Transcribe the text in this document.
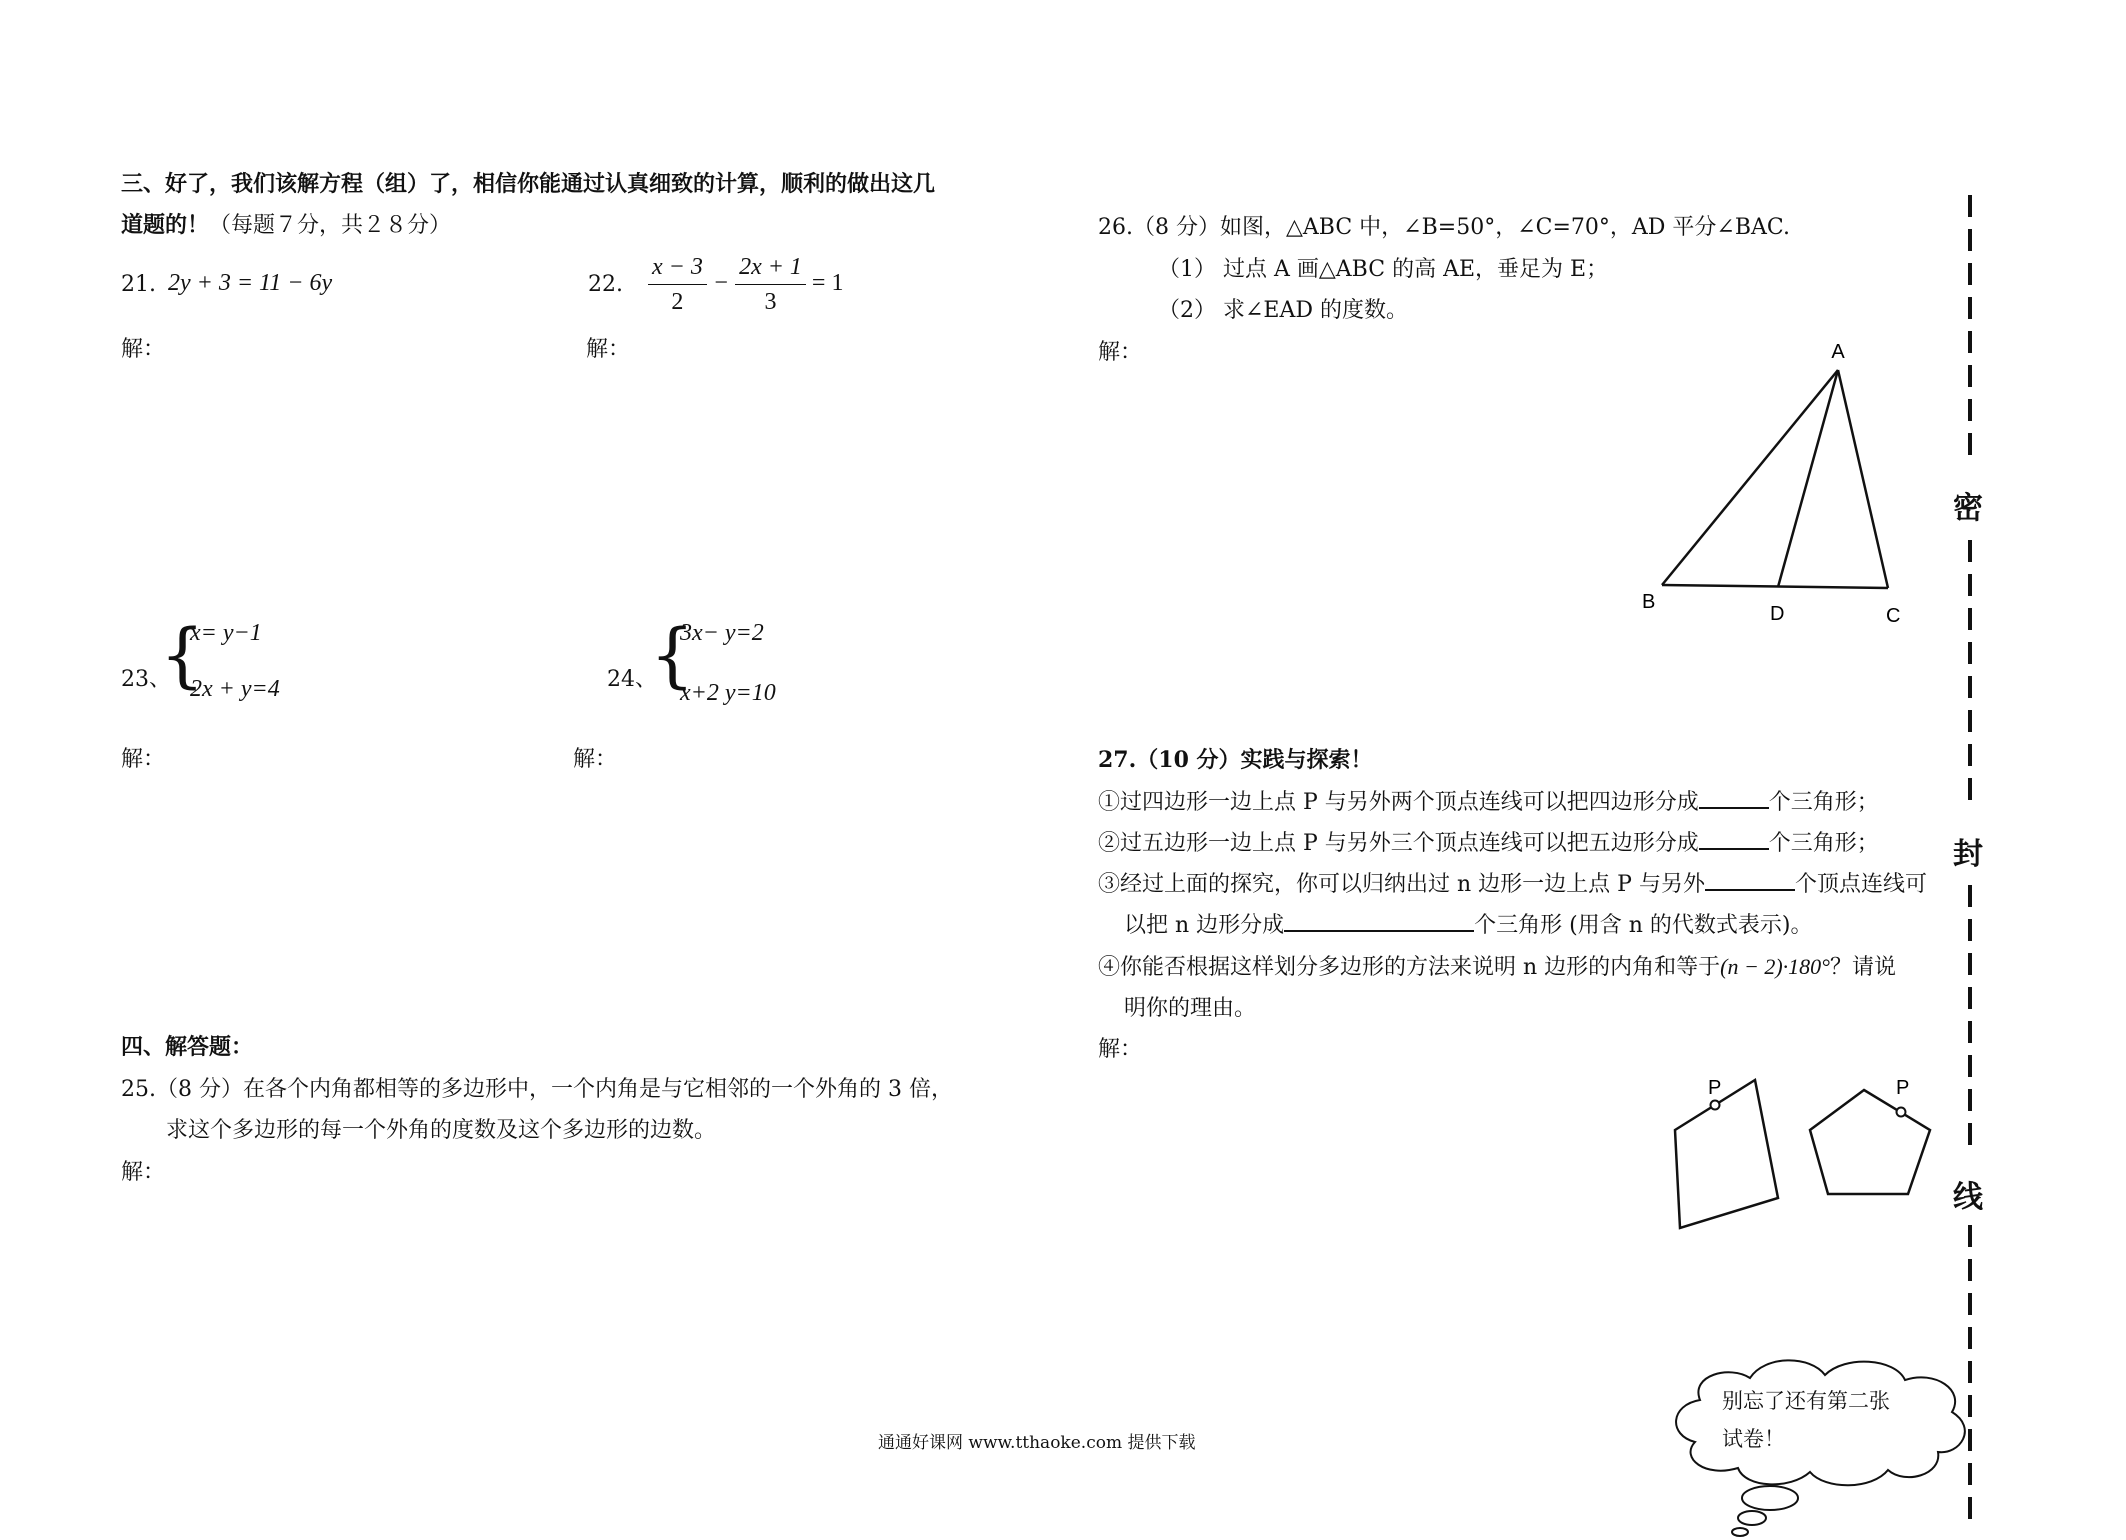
三、好了，我们该解方程（组）了，相信你能通过认真细致的计算，顺利的做出这几
道题的！（每题７分，共２８分）
21. 2y + 3 = 11 − 6y
解：
22. $\frac{x - 3}{2} - \frac{2x + 1}{3} = 1$
解：
23、
{
x= y−1
2x + y=4
解：
24、
{
3x− y=2
x+2 y=10
解：
四、解答题：
25.（8 分）在各个内角都相等的多边形中，一个内角是与它相邻的一个外角的 3 倍，
求这个多边形的每一个外角的度数及这个多边形的边数。
解：
26.（8 分）如图，△ABC 中，∠B=50°，∠C=70°，AD 平分∠BAC.
（1） 过点 A 画△ABC 的高 AE，垂足为 E；
（2） 求∠EAD 的度数。
解：	A
B
D	C
27.（10 分）实践与探索！
①过四边形一边上点 P 与另外两个顶点连线可以把四边形分成	个三角形；
②过五边形一边上点 P 与另外三个顶点连线可以把五边形分成	个三角形；
③经过上面的探究，你可以归纳出过 n 边形一边上点 P 与另外	个顶点连线可
以把 n 边形分成	个三角形 (用含 n 的代数式表示)。
④你能否根据这样划分多边形的方法来说明 n 边形的内角和等于(n − 2)·180°？请说
明你的理由。
解：
P	P
密
封
线
别忘了还有第二张
试卷！
通通好课网 www.tthaoke.com 提供下载
